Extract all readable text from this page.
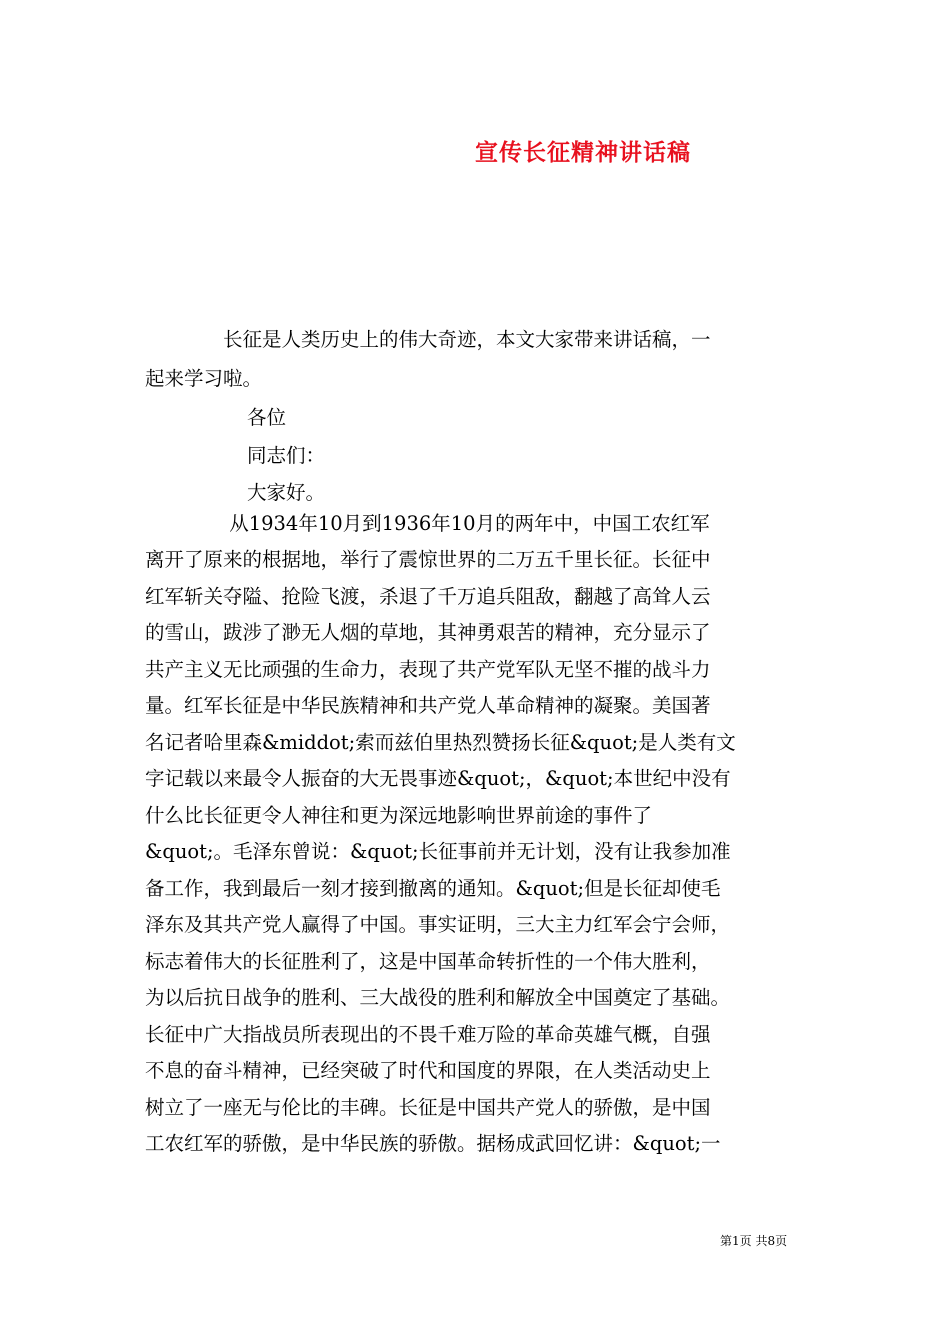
宣传长征精神讲话稿
　　　　长征是人类历史上的伟大奇迹，本文大家带来讲话稿，一
起来学习啦。
各位
同志们：
大家好。
　　　　 从1934年10月到1936年10月的两年中，中国工农红军
离开了原来的根据地，举行了震惊世界的二万五千里长征。长征中
红军斩关夺隘、抢险飞渡，杀退了千万追兵阻敌，翻越了高耸人云
的雪山，跋涉了渺无人烟的草地，其神勇艰苦的精神，充分显示了
共产主义无比顽强的生命力，表现了共产党军队无坚不摧的战斗力
量。红军长征是中华民族精神和共产党人革命精神的凝聚。美国著
名记者哈里森&middot;索而兹伯里热烈赞扬长征&quot;是人类有文
字记载以来最令人振奋的大无畏事迹&quot;，&quot;本世纪中没有
什么比长征更令人神往和更为深远地影响世界前途的事件了
&quot;。毛泽东曾说：&quot;长征事前并无计划，没有让我参加准
备工作，我到最后一刻才接到撤离的通知。&quot;但是长征却使毛
泽东及其共产党人赢得了中国。事实证明，三大主力红军会宁会师，
标志着伟大的长征胜利了，这是中国革命转折性的一个伟大胜利，
为以后抗日战争的胜利、三大战役的胜利和解放全中国奠定了基础。
长征中广大指战员所表现出的不畏千难万险的革命英雄气概，自强
不息的奋斗精神，已经突破了时代和国度的界限，在人类活动史上
树立了一座无与伦比的丰碑。长征是中国共产党人的骄傲，是中国
工农红军的骄傲，是中华民族的骄傲。据杨成武回忆讲：&quot;一
第1页 共8页
